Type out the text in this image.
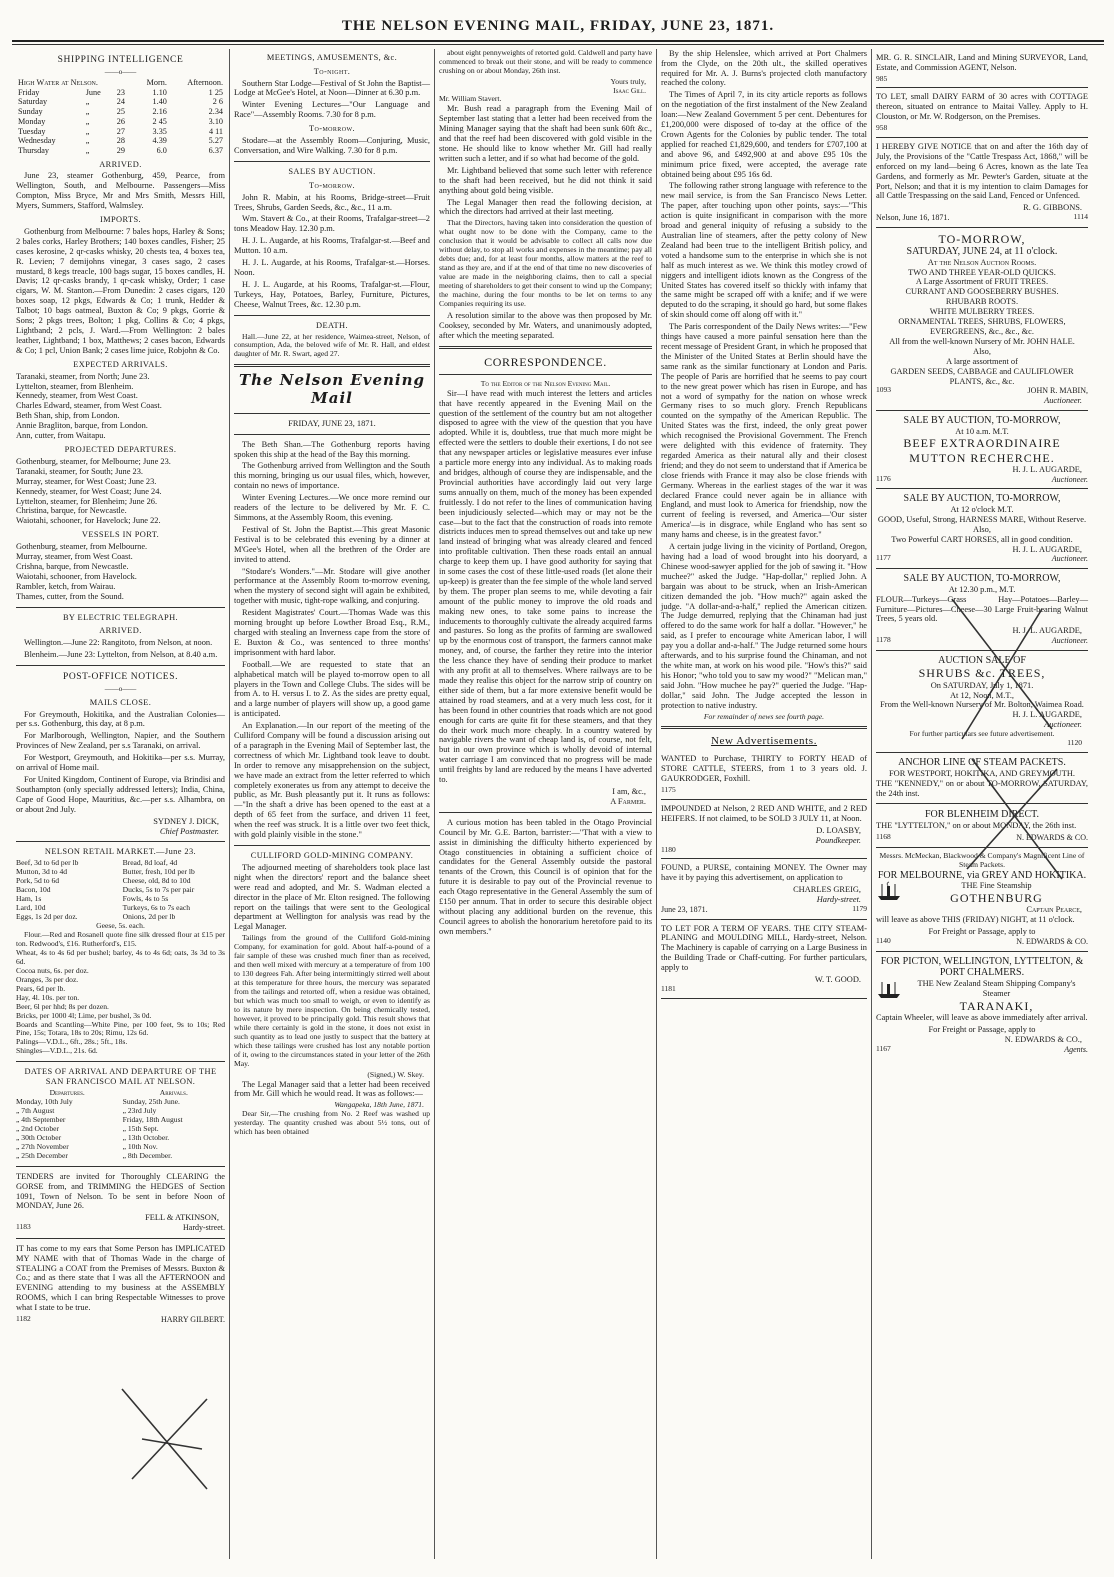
THE NELSON EVENING MAIL, FRIDAY, JUNE 23, 1871.
SHIPPING INTELLIGENCE
——o——
High Water at Nelson.			Morn.	Afternoon.
Friday	June	23	1.10	1 25
Saturday	„	24	1.40	2 6
Sunday	„	25	2.16	2.34
Monday	„	26	2 45	3.10
Tuesday	„	27	3.35	4 11
Wednesday	„	28	4.39	5.27
Thursday	„	29	6.0	6.37
ARRIVED.

June 23, steamer Gothenburg, 459, Pearce, from Wellington, South, and Melbourne. Passengers—Miss Compton, Miss Bryce, Mr and Mrs Smith, Messrs Hill, Myers, Summers, Stafford, Walmsley.

IMPORTS.

Gothenburg from Melbourne: 7 bales hops, Harley & Sons; 2 bales corks, Harley Brothers; 140 boxes candles, Fisher; 25 cases kerosine, 2 qr-casks whisky, 20 chests tea, 4 boxes tea, R. Levien; 7 demijohns vinegar, 3 cases sago, 2 cases mustard, 8 kegs treacle, 100 bags sugar, 15 boxes candles, H. Davis; 12 qr-casks brandy, 1 qr-cask whisky, Order; 1 case cigars, W. M. Stanton.—From Dunedin: 2 cases cigars, 120 boxes soap, 12 pkgs, Edwards & Co; 1 trunk, Hedder & Talbot; 10 bags oatmeal, Buxton & Co; 9 pkgs, Gorrie & Sons; 2 pkgs trees, Bolton; 1 pkg, Collins & Co; 4 pkgs, Lightband; 2 pcls, J. Ward.—From Wellington: 2 bales leather, Lightband; 1 box, Matthews; 2 cases bacon, Edwards & Co; 1 pcl, Union Bank; 2 cases lime juice, Robjohn & Co.

EXPECTED ARRIVALS.
Taranaki, steamer, from North; June 23.
Lyttelton, steamer, from Blenheim.
Kennedy, steamer, from West Coast.
Charles Edward, steamer, from West Coast.
Beth Shan, ship, from London.
Annie Bragliton, barque, from London.
Ann, cutter, from Waitapu.
PROJECTED DEPARTURES.
Gothenburg, steamer, for Melbourne; June 23.
Taranaki, steamer, for South; June 23.
Murray, steamer, for West Coast; June 23.
Kennedy, steamer, for West Coast; June 24.
Lyttelton, steamer, for Blenheim; June 26.
Christina, barque, for Newcastle.
Waiotahi, schooner, for Havelock; June 22.
VESSELS IN PORT.
Gothenburg, steamer, from Melbourne.
Murray, steamer, from West Coast.
Crishna, barque, from Newcastle.
Waiotahi, schooner, from Havelock.
Rambler, ketch, from Wairau.
Thames, cutter, from the Sound.
BY ELECTRIC TELEGRAPH.
ARRIVED.

Wellington.—June 22: Rangitoto, from Nelson, at noon.

Blenheim.—June 23: Lyttelton, from Nelson, at 8.40 a.m.

POST-OFFICE NOTICES.
——o——
MAILS CLOSE.

For Greymouth, Hokitika, and the Australian Colonies—per s.s. Gothenburg, this day, at 8 p.m.

For Marlborough, Wellington, Napier, and the Southern Provinces of New Zealand, per s.s Taranaki, on arrival.

For Westport, Greymouth, and Hokitika—per s.s. Murray, on arrival of Home mail.

For United Kingdom, Continent of Europe, via Brindisi and Southampton (only specially addressed letters); India, China, Cape of Good Hope, Mauritius, &c.—per s.s. Alhambra, on or about 2nd July.

SYDNEY J. DICK,
Chief Postmaster.
NELSON RETAIL MARKET.—June 23.
Beef, 3d to 6d per lb
Mutton, 3d to 4d
Pork, 5d to 6d
Bacon, 10d
Ham, 1s
Lard, 10d
Eggs, 1s 2d per doz.
Bread, 8d loaf, 4d
Butter, fresh, 10d per lb
Cheese, old, 8d to 10d
Ducks, 5s to 7s per pair
Fowls, 4s to 5s
Turkeys, 6s to 7s each
Onions, 2d per lb
Geese, 5s. each.

Flour.—Red and Rosanell quote fine silk dressed flour at £15 per ton. Redwood's, £16. Rutherford's, £15.
Wheat, 4s to 4s 6d per bushel; barley, 4s to 4s 6d; oats, 3s 3d to 3s 6d.
Cocoa nuts, 6s. per doz.
Oranges, 3s per doz.
Pears, 6d per lb.
Hay, 4l. 10s. per ton.
Beer, 6l per hhd; 8s per dozen.
Bricks, per 1000 4l; Lime, per bushel, 3s 0d.
Boards and Scantling—White Pine, per 100 feet, 9s to 10s; Red Pine, 15s; Totara, 18s to 20s; Rimu, 12s 6d.
Palings—V.D.L., 6ft., 28s.; 5ft., 18s.
Shingles—V.D.L., 21s. 6d.

DATES OF ARRIVAL AND DEPARTURE OF THE SAN FRANCISCO MAIL AT NELSON.
Departures.
Monday, 10th July
„ 7th August
„ 4th September
„ 2nd October
„ 30th October
„ 27th November
„ 25th December
Arrivals.
Sunday, 25th June.
„ 23rd July
Friday, 18th August
„ 15th Sept.
„ 13th October.
„ 10th Nov.
„ 8th December.

TENDERS are invited for Thoroughly CLEARING the GORSE from, and TRIMMING the HEDGES of Section 1091, Town of Nelson. To be sent in before Noon of MONDAY, June 26.

FELL & ATKINSON,
1183	Hardy-street.

IT has come to my ears that Some Person has IMPLICATED MY NAME with that of Thomas Wade in the charge of STEALING a COAT from the Premises of Messrs. Buxton & Co.; and as there state that I was all the AFTERNOON and EVENING attending to my business at the ASSEMBLY ROOMS, which I can bring Respectable Witnesses to prove what I state to be true.

1182	HARRY GILBERT.
MEETINGS, AMUSEMENTS, &c.
To-night.

Southern Star Lodge—Festival of St John the Baptist—Lodge at McGee's Hotel, at Noon—Dinner at 6.30 p.m.

Winter Evening Lectures—"Our Language and Race"—Assembly Rooms. 7.30 for 8 p.m.

To-morrow.

Stodare—at the Assembly Room—Conjuring, Music, Conversation, and Wire Walking. 7.30 for 8 p.m.

SALES BY AUCTION.
To-morrow.

John R. Mabin, at his Rooms, Bridge-street—Fruit Trees, Shrubs, Garden Seeds, &c., &c., 11 a.m.

Wm. Stavert & Co., at their Rooms, Trafalgar-street—2 tons Meadow Hay. 12.30 p.m.

H. J. L. Augarde, at his Rooms, Trafalgar-st.—Beef and Mutton. 10 a.m.

H. J. L. Augarde, at his Rooms, Trafalgar-st.—Horses. Noon.

H. J. L. Augarde, at his Rooms, Trafalgar-st.—Flour, Turkeys, Hay, Potatoes, Barley, Furniture, Pictures, Cheese, Walnut Trees, &c. 12.30 p.m.

DEATH.

Hall.—June 22, at her residence, Waimea-street, Nelson, of consumption, Ada, the beloved wife of Mr. R. Hall, and eldest daughter of Mr. R. Swart, aged 27.

The Nelson Evening Mail
FRIDAY, JUNE 23, 1871.

The Beth Shan.—The Gothenburg reports having spoken this ship at the head of the Bay this morning.

The Gothenburg arrived from Wellington and the South this morning, bringing us our usual files, which, however, contain no news of importance.

Winter Evening Lectures.—We once more remind our readers of the lecture to be delivered by Mr. F. C. Simmons, at the Assembly Room, this evening.

Festival of St. John the Baptist.—This great Masonic Festival is to be celebrated this evening by a dinner at M'Gee's Hotel, when all the brethren of the Order are invited to attend.

"Stodare's Wonders."—Mr. Stodare will give another performance at the Assembly Room to-morrow evening, when the mystery of second sight will again be exhibited, together with music, tight-rope walking, and conjuring.

Resident Magistrates' Court.—Thomas Wade was this morning brought up before Lowther Broad Esq., R.M., charged with stealing an Inverness cape from the store of E. Buxton & Co., was sentenced to three months' imprisonment with hard labor.

Football.—We are requested to state that an alphabetical match will be played to-morrow open to all players in the Town and College Clubs. The sides will be from A. to H. versus I. to Z. As the sides are pretty equal, and a large number of players will show up, a good game is anticipated.

An Explanation.—In our report of the meeting of the Culliford Company will be found a discussion arising out of a paragraph in the Evening Mail of September last, the correctness of which Mr. Lightband took leave to doubt. In order to remove any misapprehension on the subject, we have made an extract from the letter referred to which completely exonerates us from any attempt to deceive the public, as Mr. Bush pleasantly put it. It runs as follows:—"In the shaft a drive has been opened to the east at a depth of 65 feet from the surface, and driven 11 feet, when the reef was struck. It is a little over two feet thick, with gold plainly visible in the stone."

CULLIFORD GOLD-MINING COMPANY.

The adjourned meeting of shareholders took place last night when the directors' report and the balance sheet were read and adopted, and Mr. S. Wadman elected a director in the place of Mr. Elton resigned. The following report on the tailings that were sent to the Geological department at Wellington for analysis was read by the Legal Manager.

Tailings from the ground of the Culliford Gold-mining Company, for examination for gold. About half-a-pound of a fair sample of these was crushed much finer than as received, and then well mixed with mercury at a temperature of from 100 to 130 degrees Fah. After being intermittingly stirred well about at this temperature for three hours, the mercury was separated from the tailings and retorted off, when a residue was obtained, but which was much too small to weigh, or even to identify as to its nature by mere inspection. On being chemically tested, however, it proved to be principally gold. This result shows that while there certainly is gold in the stone, it does not exist in such quantity as to lead one justly to suspect that the battery at which these tailings were crushed has lost any notable portion of it, owing to the circumstances stated in your letter of the 26th May.

(Signed,) W. Skey.

The Legal Manager said that a letter had been received from Mr. Gill which he would read. It was as follows:—

Wangapeka, 18th June, 1871.

Dear Sir,—The crushing from No. 2 Reef was washed up yesterday. The quantity crushed was about 5½ tons, out of which has been obtained

about eight pennyweights of retorted gold. Caldwell and party have commenced to break out their stone, and will be ready to commence crushing on or about Monday, 26th inst.

Yours truly,
Isaac Gill.
Mr. William Stavert.

Mr. Bush read a paragraph from the Evening Mail of September last stating that a letter had been received from the Mining Manager saying that the shaft had been sunk 60ft &c., and that the reef had been discovered with gold visible in the stone. He should like to know whether Mr. Gill had really written such a letter, and if so what had become of the gold.

Mr. Lightband believed that some such letter with reference to the shaft had been received, but he did not think it said anything about gold being visible.

The Legal Manager then read the following decision, at which the directors had arrived at their last meeting.

That the Directors, having taken into consideration the question of what ought now to be done with the Company, came to the conclusion that it would be advisable to collect all calls now due without delay, to stop all works and expenses in the meantime; pay all debts due; and, for at least four months, allow matters at the reef to stand as they are, and if at the end of that time no new discoveries of value are made in the neighboring claims, then to call a special meeting of shareholders to get their consent to wind up the Company; the machine, during the four months to be let on terms to any Companies requiring its use.

A resolution similar to the above was then proposed by Mr. Cooksey, seconded by Mr. Waters, and unanimously adopted, after which the meeting separated.

CORRESPONDENCE.
To the Editor of the Nelson Evening Mail.

Sir—I have read with much interest the letters and articles that have recently appeared in the Evening Mail on the question of the settlement of the country but am not altogether disposed to agree with the view of the question that you have adopted. While it is, doubtless, true that much more might be effected were the settlers to double their exertions, I do not see that any newspaper articles or legislative measures ever infuse a particle more energy into any individual. As to making roads and bridges, although of course they are indispensable, and the Provincial authorities have accordingly laid out very large sums annually on them, much of the money has been expended fruitlessly. I do not refer to the lines of communication having been injudiciously selected—which may or may not be the case—but to the fact that the construction of roads into remote districts induces men to spread themselves out and take up new land instead of bringing what was already cleared and fenced into profitable cultivation. Then these roads entail an annual charge to keep them up. I have good authority for saying that in some cases the cost of these little-used roads (let alone their up-keep) is greater than the fee simple of the whole land served by them. The proper plan seems to me, while devoting a fair amount of the public money to improve the old roads and making new ones, to take some pains to increase the inducements to thoroughly cultivate the already acquired farms and pastures. So long as the profits of farming are swallowed up by the enormous cost of transport, the farmers cannot make money, and, of course, the farther they retire into the interior the less chance they have of sending their produce to market with any profit at all to themselves. Where railways are to be made they realise this object for the narrow strip of country on either side of them, but a far more extensive benefit would be attained by road steamers, and at a very much less cost, for it has been found in other countries that roads which are not good enough for carts are quite fit for these steamers, and that they do their work much more cheaply. In a country watered by navigable rivers the want of cheap land is, of course, not felt, but in our own province which is wholly devoid of internal water carriage I am convinced that no progress will be made until freights by land are reduced by the means I have adverted to.

I am, &c.,
A Farmer.

A curious motion has been tabled in the Otago Provincial Council by Mr. G.E. Barton, barrister:—"That with a view to assist in diminishing the difficulty hitherto experienced by Otago constituencies in obtaining a sufficient choice of candidates for the General Assembly outside the pastoral tenants of the Crown, this Council is of opinion that for the future it is desirable to pay out of the Provincial revenue to each Otago representative in the General Assembly the sum of £150 per annum. That in order to secure this desirable object without placing any additional burden on the revenue, this Council agrees to abolish the honorarium heretofore paid to its own members."

By the ship Helenslee, which arrived at Port Chalmers from the Clyde, on the 20th ult., the skilled operatives required for Mr. A. J. Burns's projected cloth manufactory reached the colony.

The Times of April 7, in its city article reports as follows on the negotiation of the first instalment of the New Zealand loan:—New Zealand Government 5 per cent. Debentures for £1,200,000 were disposed of to-day at the office of the Crown Agents for the Colonies by public tender. The total applied for reached £1,829,600, and tenders for £707,100 at and above 96, and £492,900 at and above £95 10s the minimum price fixed, were accepted, the average rate obtained being about £95 16s 6d.

The following rather strong language with reference to the new mail service, is from the San Francisco News Letter. The paper, after touching upon other points, says:—"This action is quite insignificant in comparison with the more broad and general iniquity of refusing a subsidy to the Australian line of steamers, after the petty colony of New Zealand had been true to the intelligent British policy, and voted a handsome sum to the enterprise in which she is not half as much interest as we. We think this motley crowd of niggers and intelligent idiots known as the Congress of the United States has covered itself so thickly with infamy that the same might be scraped off with a knife; and if we were deputed to do the scraping, it should go hard, but some flakes of skin should come off along off with it."

The Paris correspondent of the Daily News writes:—"Few things have caused a more painful sensation here than the recent message of President Grant, in which he proposed that the Minister of the United States at Berlin should have the same rank as the similar functionary at London and Paris. The people of Paris are horrified that he seems to pay court to the new great power which has risen in Europe, and has not a word of sympathy for the nation on whose wreck Germany rises to so much glory. French Republicans counted on the sympathy of the American Republic. The United States was the first, indeed, the only great power which recognised the Provisional Government. The French were delighted with this evidence of fraternity. They regarded America as their natural ally and their closest friend; and they do not seem to understand that if America be close friends with France it may also be close friends with Germany. Whereas in the earliest stages of the war it was declared France could never again be in alliance with England, and must look to America for friendship, now the current of feeling is reversed, and America—'Our sister America'—is in disgrace, while England who has sent so many hams and cheese, is in the greatest favor."

A certain judge living in the vicinity of Portland, Oregon, having had a load of wood brought into his dooryard, a Chinese wood-sawyer applied for the job of sawing it. "How muchee?" asked the Judge. "Hap-dollar," replied John. A bargain was about to be struck, when an Irish-American citizen demanded the job. "How much?" again asked the judge. "A dollar-and-a-half," replied the American citizen. The Judge demurred, replying that the Chinaman had just offered to do the same work for half a dollar. "However," he said, as I prefer to encourage white American labor, I will pay you a dollar and-a-half." The Judge returned some hours afterwards, and to his surprise found the Chinaman, and not the white man, at work on his wood pile. "How's this?" said his Honor; "who told you to saw my wood?" "Melican man," said John. "How muchee he pay?" queried the Judge. "Hap-dollar," said John. The Judge accepted the lesson in protection to native industry.

For remainder of news see fourth page.
New Advertisements.

WANTED to Purchase, THIRTY to FORTY HEAD of STORE CATTLE, STEERS, from 1 to 3 years old. J. GAUKRODGER, Foxhill.

1175

IMPOUNDED at Nelson, 2 RED AND WHITE, and 2 RED HEIFERS. If not claimed, to be SOLD 3 JULY 11, at Noon.

D. LOASBY,
Poundkeeper.
1180

FOUND, a PURSE, containing MONEY. The Owner may have it by paying this advertisement, on application to

CHARLES GREIG,
Hardy-street.
June 23, 1871.	1179

TO LET FOR A TERM OF YEARS. THE CITY STEAM-PLANING and MOULDING MILL, Hardy-street, Nelson. The Machinery is capable of carrying on a Large Business in the Building Trade or Chaff-cutting. For further particulars, apply to

W. T. GOOD.
1181

MR. G. R. SINCLAIR, Land and Mining SURVEYOR, Land, Estate, and Commission AGENT, Nelson.

985

TO LET, small DAIRY FARM of 30 acres with COTTAGE thereon, situated on entrance to Maitai Valley. Apply to H. Clouston, or Mr. W. Rodgerson, on the Premises.

958

I HEREBY GIVE NOTICE that on and after the 16th day of July, the Provisions of the "Cattle Trespass Act, 1868," will be enforced on my land—being 6 Acres, known as the late Tea Gardens, and formerly as Mr. Pewter's Garden, situate at the Port, Nelson; and that it is my intention to claim Damages for all Cattle Trespassing on the said Land, Fenced or Unfenced.

R. G. GIBBONS.
Nelson, June 16, 1871.	1114
TO-MORROW,
SATURDAY, JUNE 24, at 11 o'clock.
At the Nelson Auction Rooms.
TWO AND THREE YEAR-OLD QUICKS.
A Large Assortment of FRUIT TREES.
CURRANT AND GOOSEBERRY BUSHES.
RHUBARB ROOTS.
WHITE MULBERRY TREES.
ORNAMENTAL TREES, SHRUBS, FLOWERS, EVERGREENS, &c., &c., &c.
All from the well-known Nursery of Mr. JOHN HALE.
Also,
A large assortment of
GARDEN SEEDS, CABBAGE and CAULIFLOWER PLANTS, &c., &c.
1093	JOHN R. MABIN,
Auctioneer.
SALE BY AUCTION, TO-MORROW,
At 10 a.m. M.T.
BEEF EXTRAORDINAIRE
MUTTON RECHERCHE.
H. J. L. AUGARDE,
1176	Auctioneer.
SALE BY AUCTION, TO-MORROW,
At 12 o'clock M.T.
GOOD, Useful, Strong, HARNESS MARE, Without Reserve.
Also,
Two Powerful CART HORSES, all in good condition.
H. J. L. AUGARDE,
1177	Auctioneer.
SALE BY AUCTION, TO-MORROW,
At 12.30 p.m., M.T.

FLOUR—Turkeys—Grass Hay—Potatoes—Barley—Furniture—Pictures—Cheese—30 Large Fruit-bearing Walnut Trees, 5 years old.

H. J. L. AUGARDE,
1178	Auctioneer.
AUCTION SALE OF
SHRUBS &c. TREES,
On SATURDAY, July 1, 1871.
At 12, Noon, M.T.,
From the Well-known Nursery of Mr. Bolton, Waimea Road.
H. J. L. AUGARDE,
Auctioneer.
For further particulars see future advertisement.
1120
ANCHOR LINE OF STEAM PACKETS.
FOR WESTPORT, HOKITIKA, AND GREYMOUTH.

THE "KENNEDY," on or about TO-MORROW, SATURDAY, the 24th inst.

FOR BLENHEIM DIRECT.

THE "LYTTELTON," on or about MONDAY, the 26th inst.

1168	N. EDWARDS & CO.
Messrs. McMeckan, Blackwood & Company's Magnificent Line of Steam Packets.
FOR MELBOURNE, via GREY AND HOKITIKA.
THE Fine Steamship
GOTHENBURG
Captain Pearce,

will leave as above THIS (FRIDAY) NIGHT, at 11 o'clock.

For Freight or Passage, apply to
1140	N. EDWARDS & CO.
FOR PICTON, WELLINGTON, LYTTELTON, & PORT CHALMERS.
THE New Zealand Steam Shipping Company's Steamer
TARANAKI,

Captain Wheeler, will leave as above immediately after arrival.

For Freight or Passage, apply to
N. EDWARDS & CO.,
1167	Agents.
